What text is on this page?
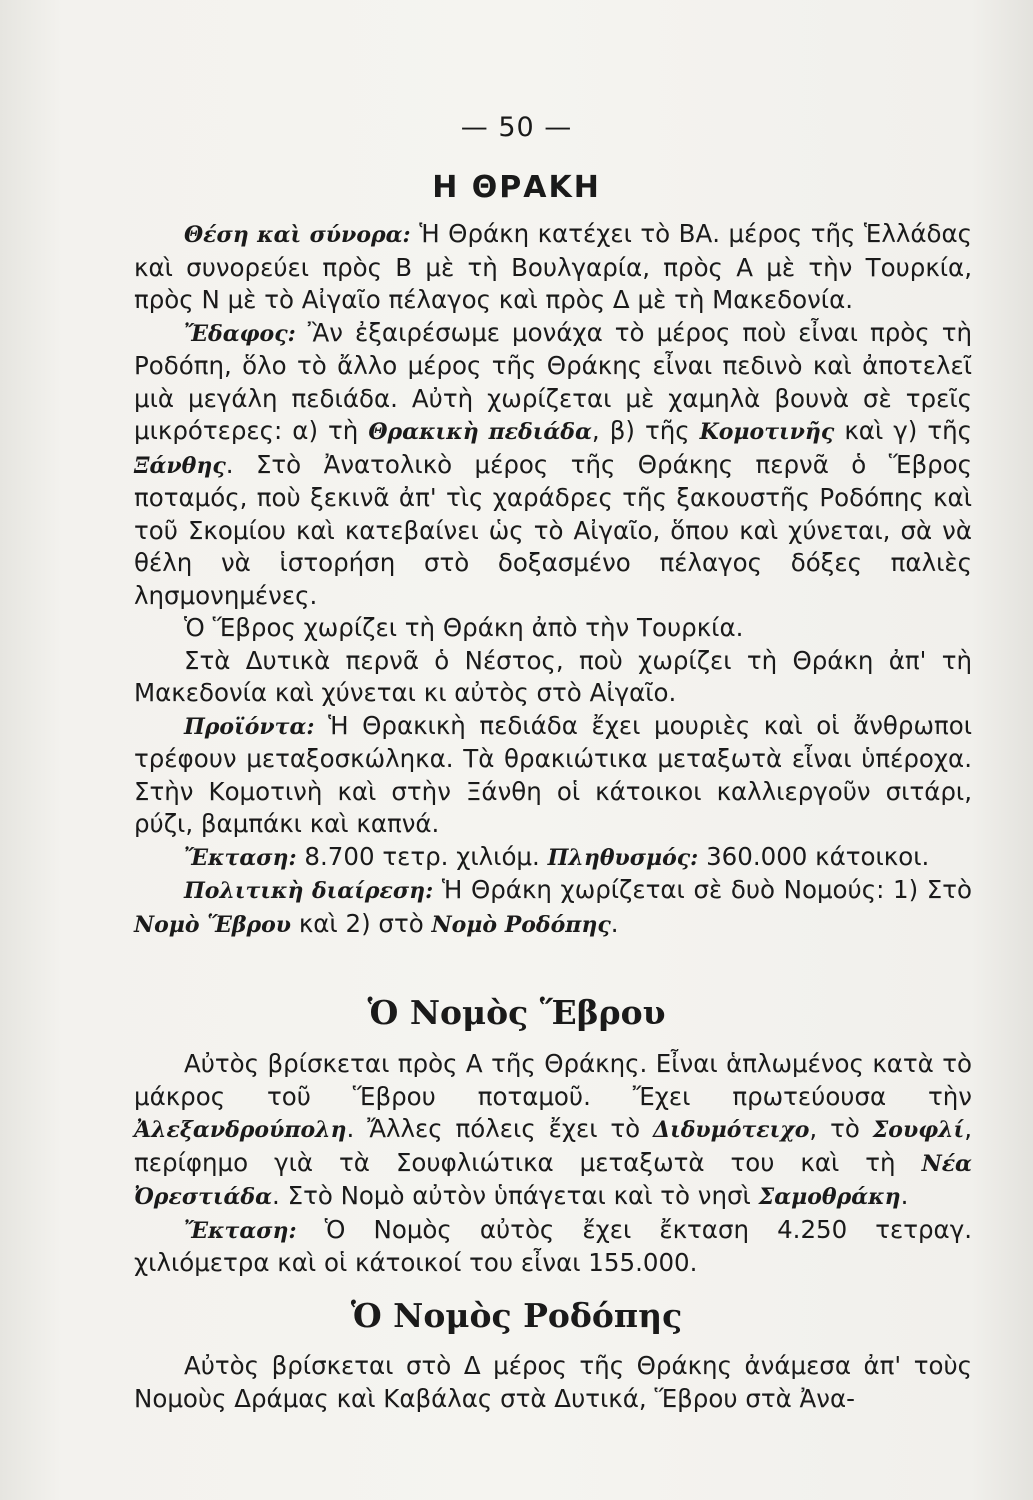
— 50 —
Η ΘΡΑΚΗ

Θέση καὶ σύνορα: Ἡ Θράκη κατέχει τὸ ΒΑ. μέρος τῆς Ἑλλάδας καὶ συνορεύει πρὸς Β μὲ τὴ Βουλγαρία, πρὸς Α μὲ τὴν Τουρκία, πρὸς Ν μὲ τὸ Αἰγαῖο πέλαγος καὶ πρὸς Δ μὲ τὴ Μακεδονία.

Ἔδαφος: Ἂν ἐξαιρέσωμε μονάχα τὸ μέρος ποὺ εἶναι πρὸς τὴ Ροδόπη, ὅλο τὸ ἄλλο μέρος τῆς Θράκης εἶναι πεδινὸ καὶ ἀποτελεῖ μιὰ μεγάλη πεδιάδα. Αὐτὴ χωρίζεται μὲ χαμηλὰ βουνὰ σὲ τρεῖς μικρότερες: α) τὴ Θρακικὴ πεδιάδα, β) τῆς Κομοτινῆς καὶ γ) τῆς Ξάνθης. Στὸ Ἀνατολικὸ μέρος τῆς Θράκης περνᾶ ὁ Ἕβρος ποταμός, ποὺ ξεκινᾶ ἀπ' τὶς χαράδρες τῆς ξακουστῆς Ροδόπης καὶ τοῦ Σκομίου καὶ κατεβαίνει ὡς τὸ Αἰγαῖο, ὅπου καὶ χύνεται, σὰ νὰ θέλη νὰ ἱστορήση στὸ δοξασμένο πέλαγος δόξες παλιὲς λησμονημένες.

Ὁ Ἕβρος χωρίζει τὴ Θράκη ἀπὸ τὴν Τουρκία.

Στὰ Δυτικὰ περνᾶ ὁ Νέστος, ποὺ χωρίζει τὴ Θράκη ἀπ' τὴ Μακεδονία καὶ χύνεται κι αὐτὸς στὸ Αἰγαῖο.

Προϊόντα: Ἡ Θρακικὴ πεδιάδα ἔχει μουριὲς καὶ οἱ ἄνθρωποι τρέφουν μεταξοσκώληκα. Τὰ θρακιώτικα μεταξωτὰ εἶναι ὑπέροχα. Στὴν Κομοτινὴ καὶ στὴν Ξάνθη οἱ κάτοικοι καλλιεργοῦν σιτάρι, ρύζι, βαμπάκι καὶ καπνά.

Ἔκταση: 8.700 τετρ. χιλιόμ. Πληθυσμός: 360.000 κάτοικοι.

Πολιτικὴ διαίρεση: Ἡ Θράκη χωρίζεται σὲ δυὸ Νομούς: 1) Στὸ Νομὸ Ἕβρου καὶ 2) στὸ Νομὸ Ροδόπης.

Ὁ Νομὸς Ἕβρου

Αὐτὸς βρίσκεται πρὸς Α τῆς Θράκης. Εἶναι ἁπλωμένος κατὰ τὸ μάκρος τοῦ Ἕβρου ποταμοῦ. Ἔχει πρωτεύουσα τὴν Ἀλεξανδρούπολη. Ἄλλες πόλεις ἔχει τὸ Διδυμότειχο, τὸ Σουφλί, περίφημο γιὰ τὰ Σουφλιώτικα μεταξωτὰ του καὶ τὴ Νέα Ὀρεστιάδα. Στὸ Νομὸ αὐτὸν ὑπάγεται καὶ τὸ νησὶ Σαμοθράκη.

Ἔκταση: Ὁ Νομὸς αὐτὸς ἔχει ἔκταση 4.250 τετραγ. χιλιόμετρα καὶ οἱ κάτοικοί του εἶναι 155.000.

Ὁ Νομὸς Ροδόπης

Αὐτὸς βρίσκεται στὸ Δ μέρος τῆς Θράκης ἀνάμεσα ἀπ' τοὺς Νομοὺς Δράμας καὶ Καβάλας στὰ Δυτικά, Ἕβρου στὰ Ἀνα-
